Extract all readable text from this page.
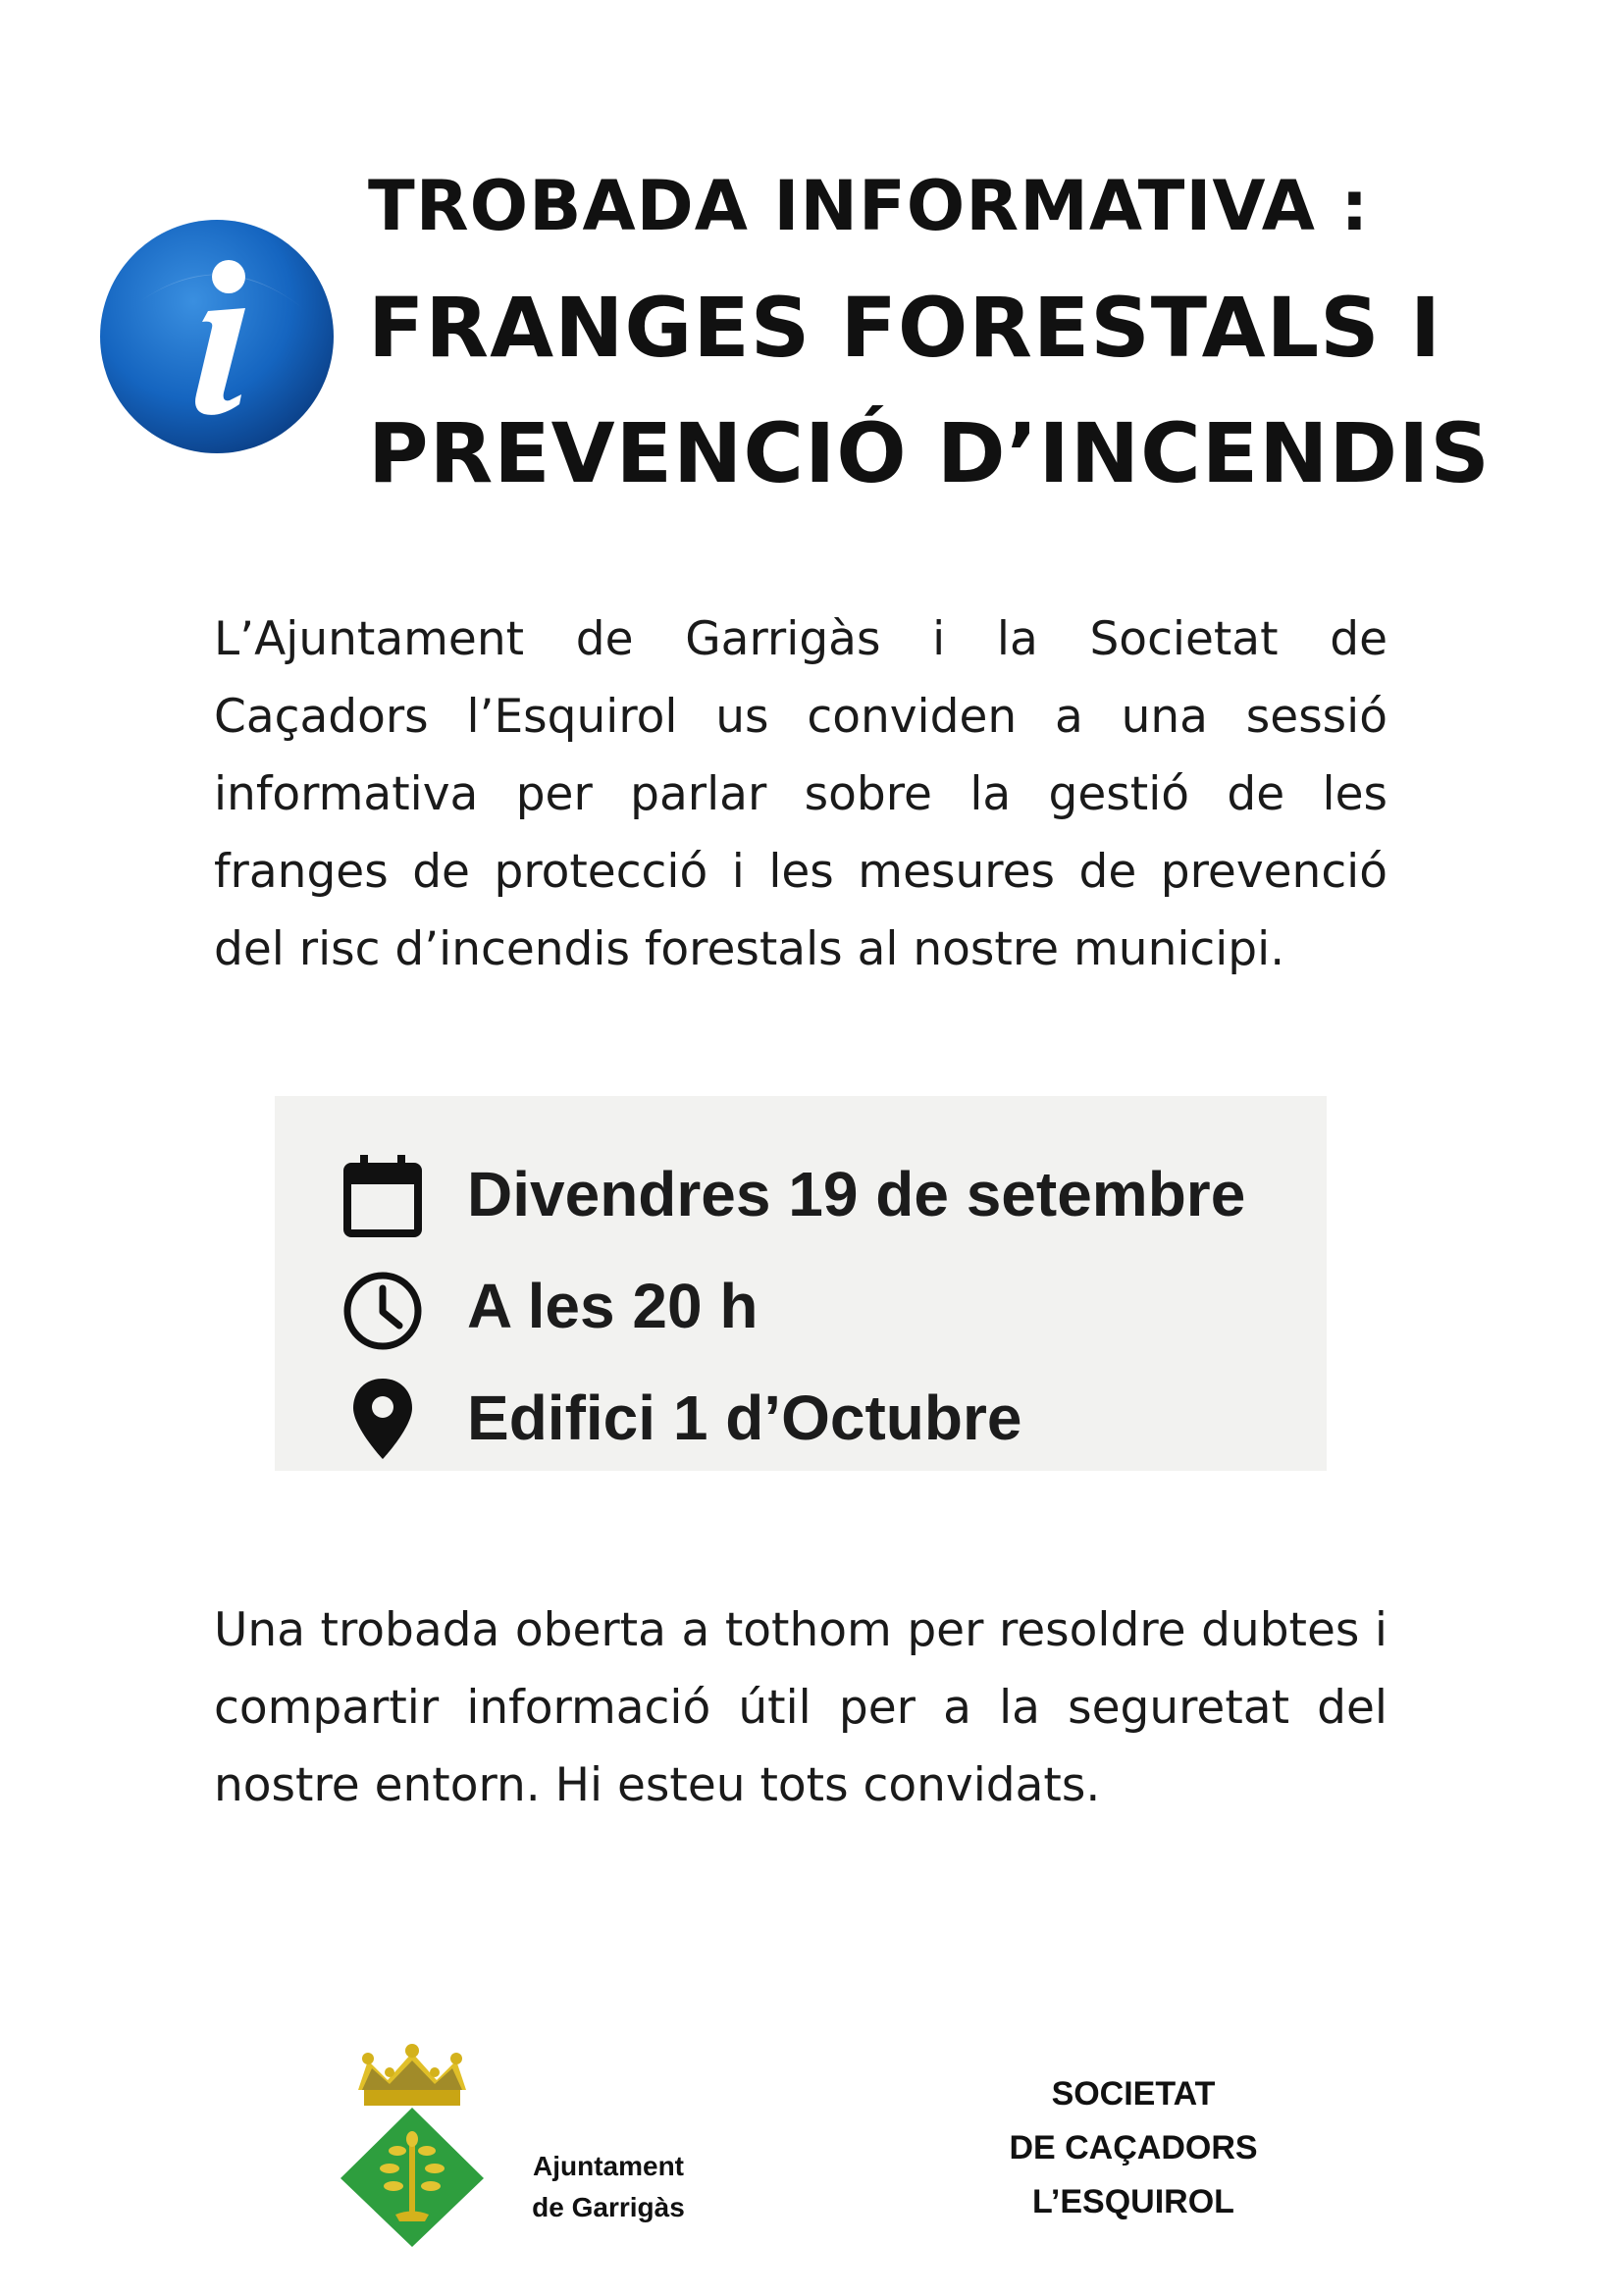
TROBADA INFORMATIVA :
FRANGES FORESTALS I
PREVENCIÓ D’INCENDIS

L’Ajuntament de Garrigàs i la Societat de Caçadors l’Esquirol us conviden a una sessió informativa per parlar sobre la gestió de les franges de protecció i les mesures de prevenció del risc d’incendis forestals al nostre municipi.

Divendres 19 de setembre
A les 20 h
Edifici 1 d’Octubre

Una trobada oberta a tothom per resoldre dubtes i compartir informació útil per a la seguretat del nostre entorn. Hi esteu tots convidats.

Ajuntament
de Garrigàs
SOCIETAT
DE CAÇADORS
L’ESQUIROL
